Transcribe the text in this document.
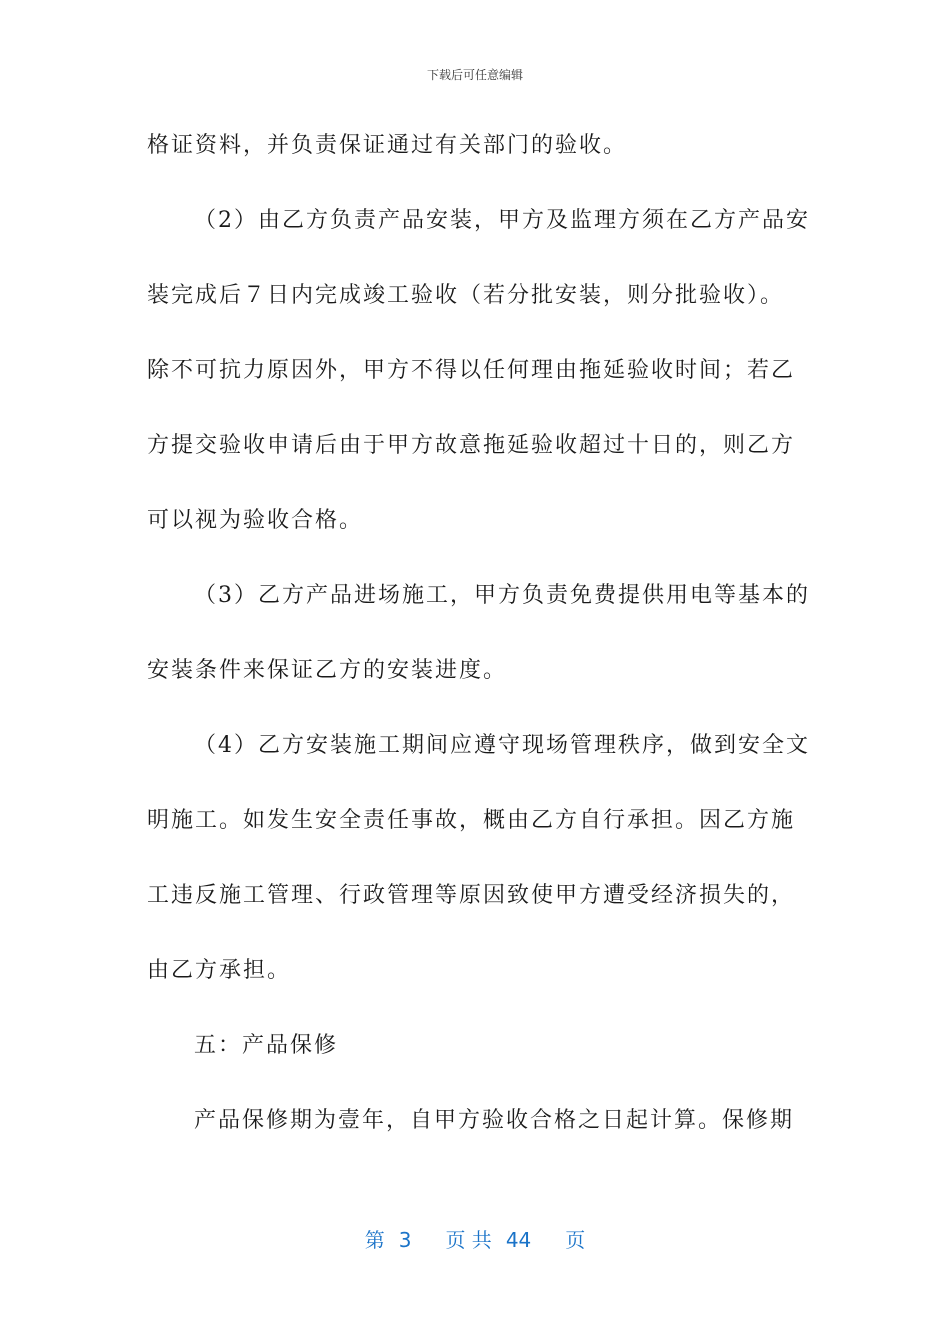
下载后可任意编辑
格证资料，并负责保证通过有关部门的验收。
（2）由乙方负责产品安装，甲方及监理方须在乙方产品安
装完成后７日内完成竣工验收（若分批安装，则分批验收）。
除不可抗力原因外，甲方不得以任何理由拖延验收时间；若乙
方提交验收申请后由于甲方故意拖延验收超过十日的，则乙方
可以视为验收合格。
（3）乙方产品进场施工，甲方负责免费提供用电等基本的
安装条件来保证乙方的安装进度。
（4）乙方安装施工期间应遵守现场管理秩序，做到安全文
明施工。如发生安全责任事故，概由乙方自行承担。因乙方施
工违反施工管理、行政管理等原因致使甲方遭受经济损失的，
由乙方承担。
五：产品保修
产品保修期为壹年，自甲方验收合格之日起计算。保修期
第 3 页 共 44 页
